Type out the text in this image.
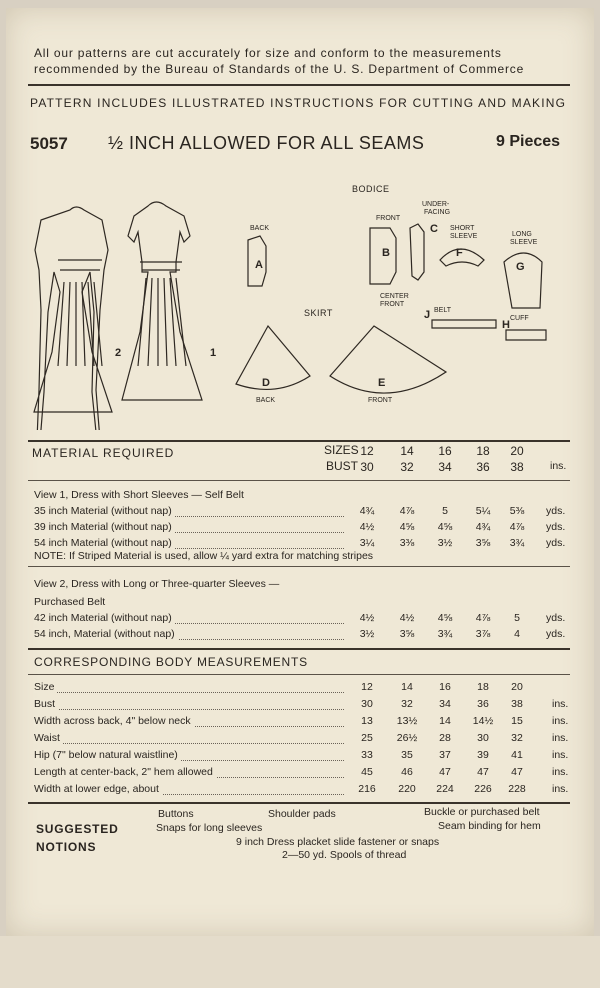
All our patterns are cut accurately for size and conform to the measurements
recommended by the Bureau of Standards of the U. S. Department of Commerce
PATTERN INCLUDES ILLUSTRATED INSTRUCTIONS FOR CUTTING AND MAKING
5057 ½ INCH ALLOWED FOR ALL SEAMS	9 Pieces
2	1
BODICE
BACK
A
FRONT
B
CENTER
FRONT
UNDER-
FACING
C SHORT
SLEEVE
F
LONG
SLEEVE
G
J BELT
H
CUFF
SKIRT
D
BACK
E
FRONT
MATERIAL REQUIRED	SIZES
BUST
12	14	16	18	20
30	32	34	36	38	ins.
View 1, Dress with Short Sleeves — Self Belt
35 inch Material (without nap)	4¾	4⅞	5	5¼	5⅜	yds.
39 inch Material (without nap)	4½	4⅝	4⅝	4¾	4⅞	yds.
54 inch Material (without nap)	3¼	3⅜	3½	3⅝	3¾	yds.
NOTE: If Striped Material is used, allow ¼ yard extra for matching stripes
View 2, Dress with Long or Three-quarter Sleeves —
Purchased Belt
42 inch Material (without nap)	4½	4½	4⅝	4⅞	5	yds.
54 inch, Material (without nap)	3½	3⅝	3¾	3⅞	4	yds.
CORRESPONDING BODY MEASUREMENTS
Size	12	14	16	18	20
Bust	30	32	34	36	38	ins.
Width across back, 4" below neck	13	13½	14	14½	15	ins.
Waist	25	26½	28	30	32	ins.
Hip (7" below natural waistline)	33	35	37	39	41	ins.
Length at center-back, 2" hem allowed	45	46	47	47	47	ins.
Width at lower edge, about	216	220	224	226	228	ins.
SUGGESTED
NOTIONS
Buttons	Shoulder pads	Buckle or purchased belt
Snaps for long sleeves	Seam binding for hem
9 inch Dress placket slide fastener or snaps
2—50 yd. Spools of thread
